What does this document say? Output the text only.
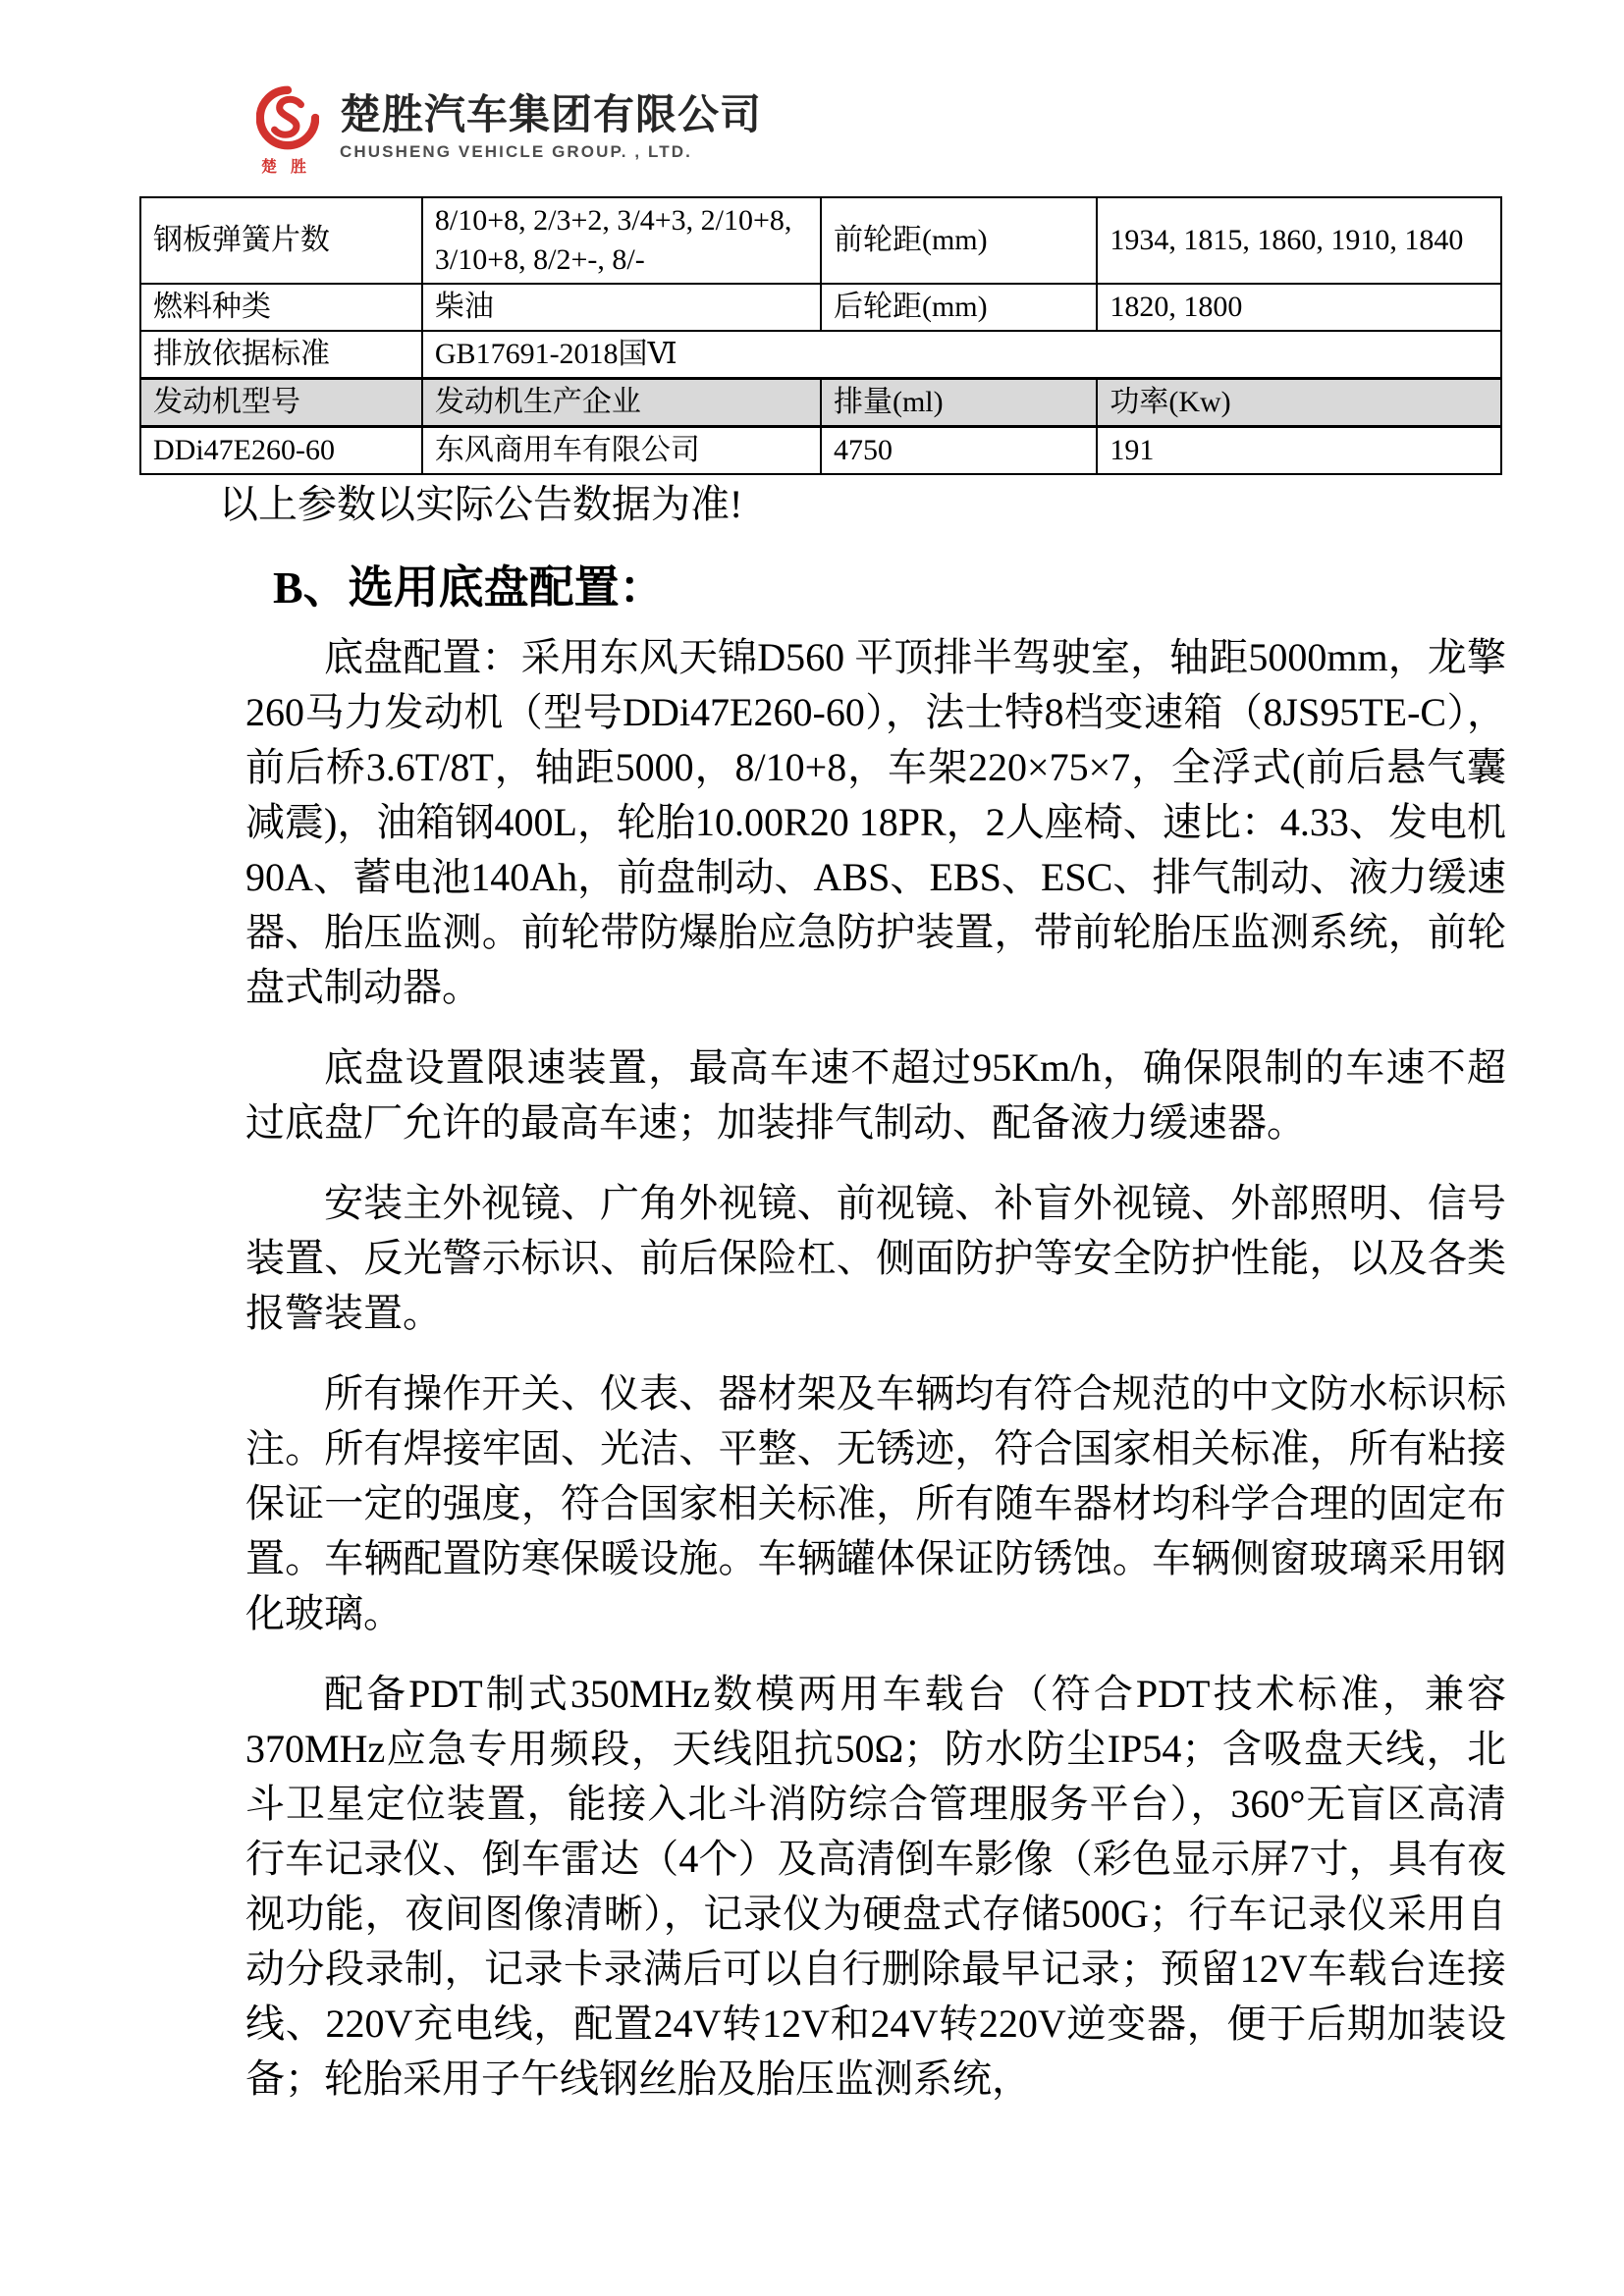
楚胜
楚胜汽车集团有限公司
CHUSHENG VEHICLE GROUP. , LTD.
钢板弹簧片数	8/10+8, 2/3+2, 3/4+3, 2/10+8, 3/10+8, 8/2+-, 8/-	前轮距(mm)	1934, 1815, 1860, 1910, 1840
燃料种类	柴油	后轮距(mm)	1820, 1800
排放依据标准	GB17691-2018国Ⅵ		
发动机型号	发动机生产企业	排量(ml)	功率(Kw)
DDi47E260-60	东风商用车有限公司	4750	191
以上参数以实际公告数据为准!
B、选用底盘配置：

底盘配置：采用东风天锦D560 平顶排半驾驶室，轴距5000mm，龙擎260马力发动机（型号DDi47E260-60），法士特8档变速箱（8JS95TE-C），前后桥3.6T/8T，轴距5000，8/10+8，车架220×75×7，全浮式(前后悬气囊减震)，油箱钢400L，轮胎10.00R20 18PR，2人座椅、速比：4.33、发电机90A、蓄电池140Ah，前盘制动、ABS、EBS、ESC、排气制动、液力缓速器、胎压监测。前轮带防爆胎应急防护装置，带前轮胎压监测系统，前轮盘式制动器。

底盘设置限速装置，最高车速不超过95Km/h，确保限制的车速不超过底盘厂允许的最高车速；加装排气制动、配备液力缓速器。

安装主外视镜、广角外视镜、前视镜、补盲外视镜、外部照明、信号装置、反光警示标识、前后保险杠、侧面防护等安全防护性能，以及各类报警装置。

所有操作开关、仪表、器材架及车辆均有符合规范的中文防水标识标注。所有焊接牢固、光洁、平整、无锈迹，符合国家相关标准，所有粘接保证一定的强度，符合国家相关标准，所有随车器材均科学合理的固定布置。车辆配置防寒保暖设施。车辆罐体保证防锈蚀。车辆侧窗玻璃采用钢化玻璃。

配备PDT制式350MHz数模两用车载台（符合PDT技术标准，兼容370MHz应急专用频段，天线阻抗50Ω；防水防尘IP54；含吸盘天线，北斗卫星定位装置，能接入北斗消防综合管理服务平台），360°无盲区高清行车记录仪、倒车雷达（4个）及高清倒车影像（彩色显示屏7寸，具有夜视功能，夜间图像清晰），记录仪为硬盘式存储500G；行车记录仪采用自动分段录制，记录卡录满后可以自行删除最早记录；预留12V车载台连接线、220V充电线，配置24V转12V和24V转220V逆变器，便于后期加装设备；轮胎采用子午线钢丝胎及胎压监测系统，
